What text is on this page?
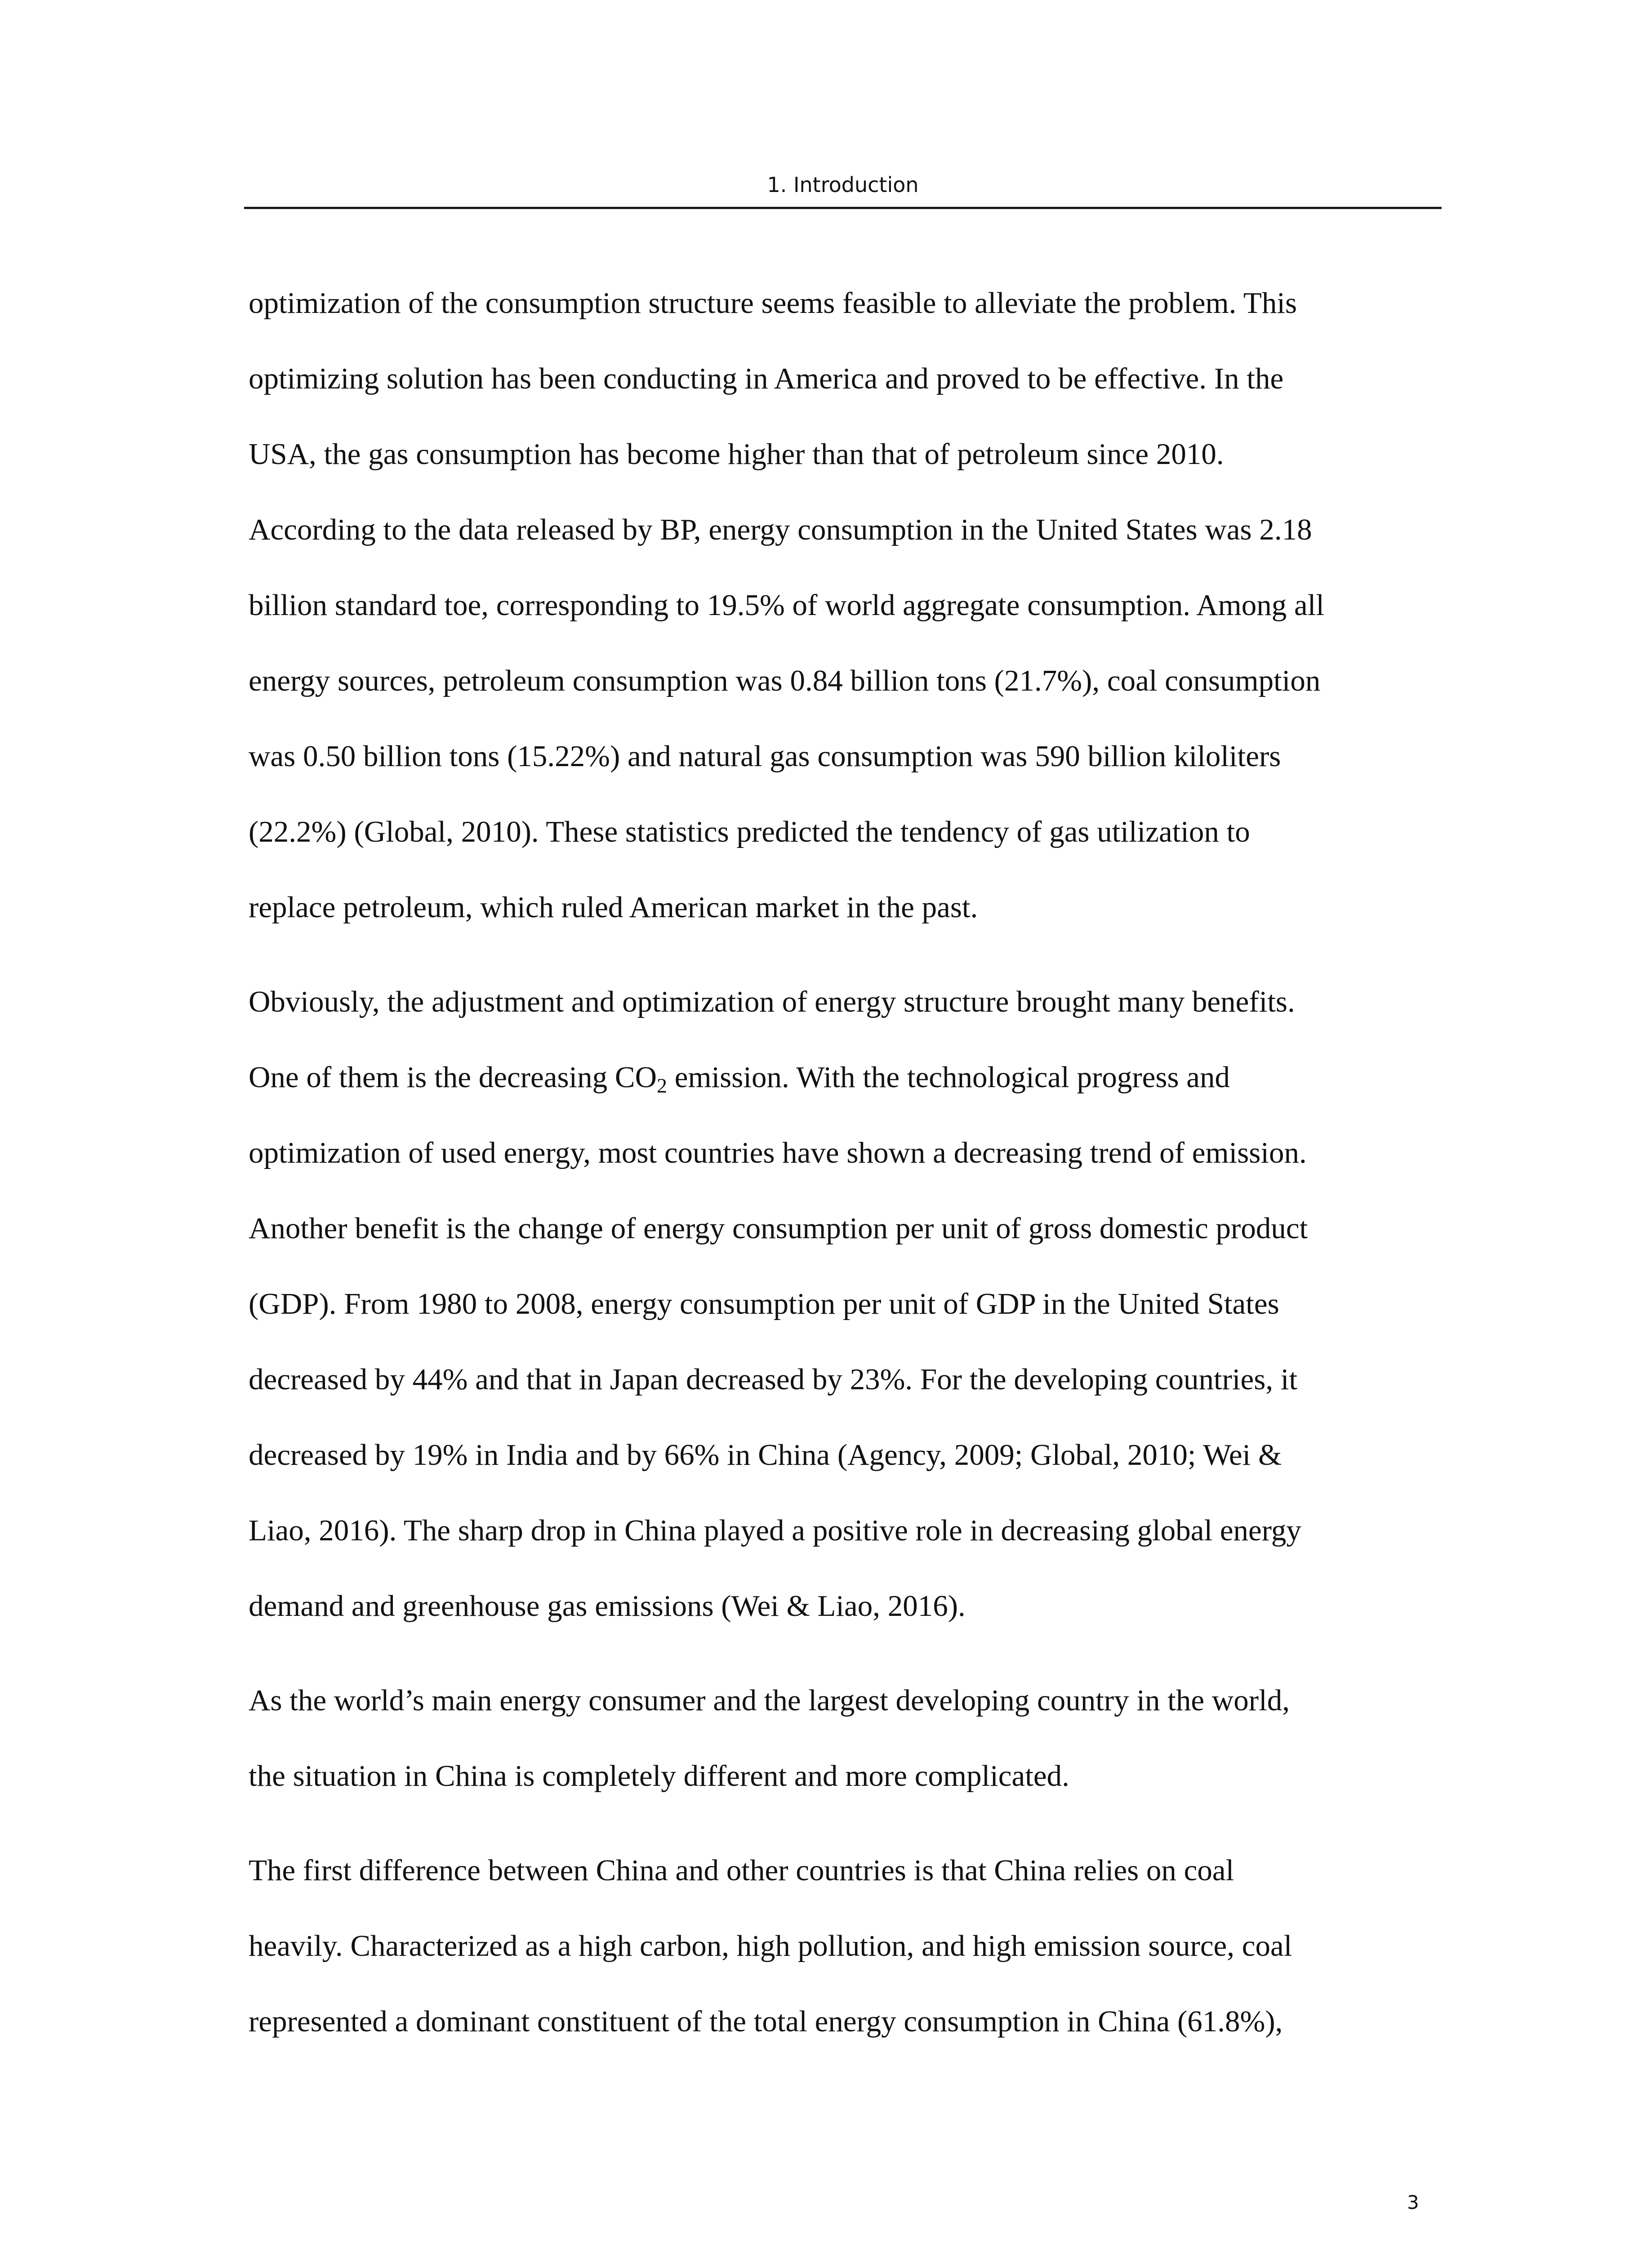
1. Introduction

optimization of the consumption structure seems feasible to alleviate the problem. This
optimizing solution has been conducting in America and proved to be effective. In the
USA, the gas consumption has become higher than that of petroleum since 2010.
According to the data released by BP, energy consumption in the United States was 2.18
billion standard toe, corresponding to 19.5% of world aggregate consumption. Among all
energy sources, petroleum consumption was 0.84 billion tons (21.7%), coal consumption
was 0.50 billion tons (15.22%) and natural gas consumption was 590 billion kiloliters
(22.2%) (Global, 2010). These statistics predicted the tendency of gas utilization to
replace petroleum, which ruled American market in the past.

Obviously, the adjustment and optimization of energy structure brought many benefits.
One of them is the decreasing $CO_2$ emission. With the technological progress and
optimization of used energy, most countries have shown a decreasing trend of emission.
Another benefit is the change of energy consumption per unit of gross domestic product
(GDP). From 1980 to 2008, energy consumption per unit of GDP in the United States
decreased by 44% and that in Japan decreased by 23%. For the developing countries, it
decreased by 19% in India and by 66% in China (Agency, 2009; Global, 2010; Wei &
Liao, 2016). The sharp drop in China played a positive role in decreasing global energy
demand and greenhouse gas emissions (Wei & Liao, 2016).

As the world’s main energy consumer and the largest developing country in the world,
the situation in China is completely different and more complicated.

The first difference between China and other countries is that China relies on coal
heavily. Characterized as a high carbon, high pollution, and high emission source, coal
represented a dominant constituent of the total energy consumption in China (61.8%),

3
